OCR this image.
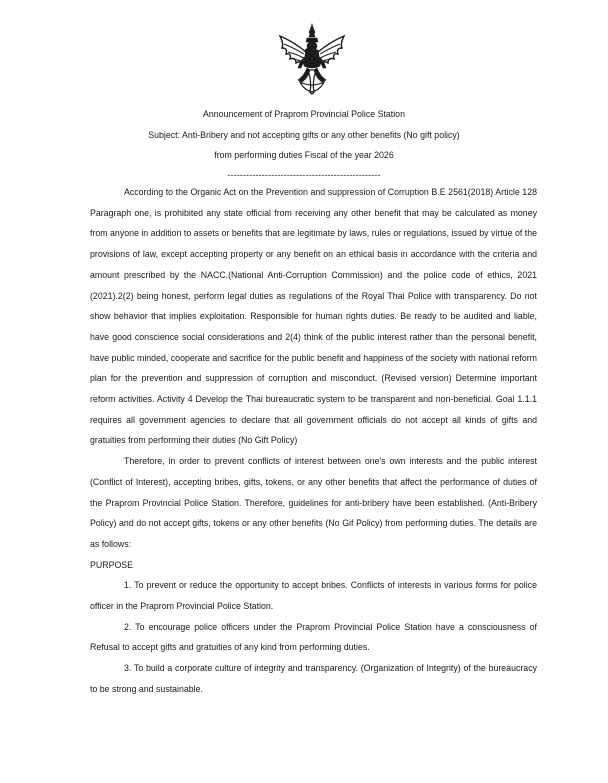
Announcement of Praprom Provincial Police Station
Subject: Anti-Bribery and not accepting gifts or any other benefits (No gift policy)
from performing duties Fiscal of the year 2026
-------------------------------------------------

According to the Organic Act on the Prevention and suppression of Corruption B.E 2561(2018) Article 128 Paragraph one, is prohibited any state official from receiving any other benefit that may be calculated as money from anyone in addition to assets or benefits that are legitimate by laws, rules or regulations, issued by virtue of the provisions of law, except accepting property or any benefit on an ethical basis in accordance with the criteria and amount prescribed by the NACC.(National Anti-Corruption Commission) and the police code of ethics, 2021 (2021).2(2) being honest, perform legal duties as regulations of the Royal Thai Police with transparency. Do not show behavior that implies exploitation. Responsible for human rights duties. Be ready to be audited and liable, have good conscience social considerations and 2(4) think of the public interest rather than the personal benefit, have public minded, cooperate and sacrifice for the public benefit and happiness of the society with national reform plan for the prevention and suppression of corruption and misconduct. (Revised version) Determine important reform activities. Activity 4 Develop the Thai bureaucratic system to be transparent and non-beneficial. Goal 1.1.1 requires all government agencies to declare that all government officials do not accept all kinds of gifts and gratuities from performing their duties (No Gift Policy)

Therefore, in order to prevent conflicts of interest between one's own interests and the public interest (Conflict of Interest), accepting bribes, gifts, tokens, or any other benefits that affect the performance of duties of the Praprom Provincial Police Station. Therefore, guidelines for anti-bribery have been established. (Anti-Bribery Policy) and do not accept gifts, tokens or any other benefits (No Gif Policy) from performing duties. The details are as follows:

PURPOSE

1. To prevent or reduce the opportunity to accept bribes. Conflicts of interests in various forms for police officer in the Praprom Provincial Police Station.

2. To encourage police officers under the Praprom Provincial Police Station have a consciousness of Refusal to accept gifts and gratuities of any kind from performing duties.

3. To build a corporate culture of integrity and transparency. (Organization of Integrity) of the bureaucracy to be strong and sustainable.
